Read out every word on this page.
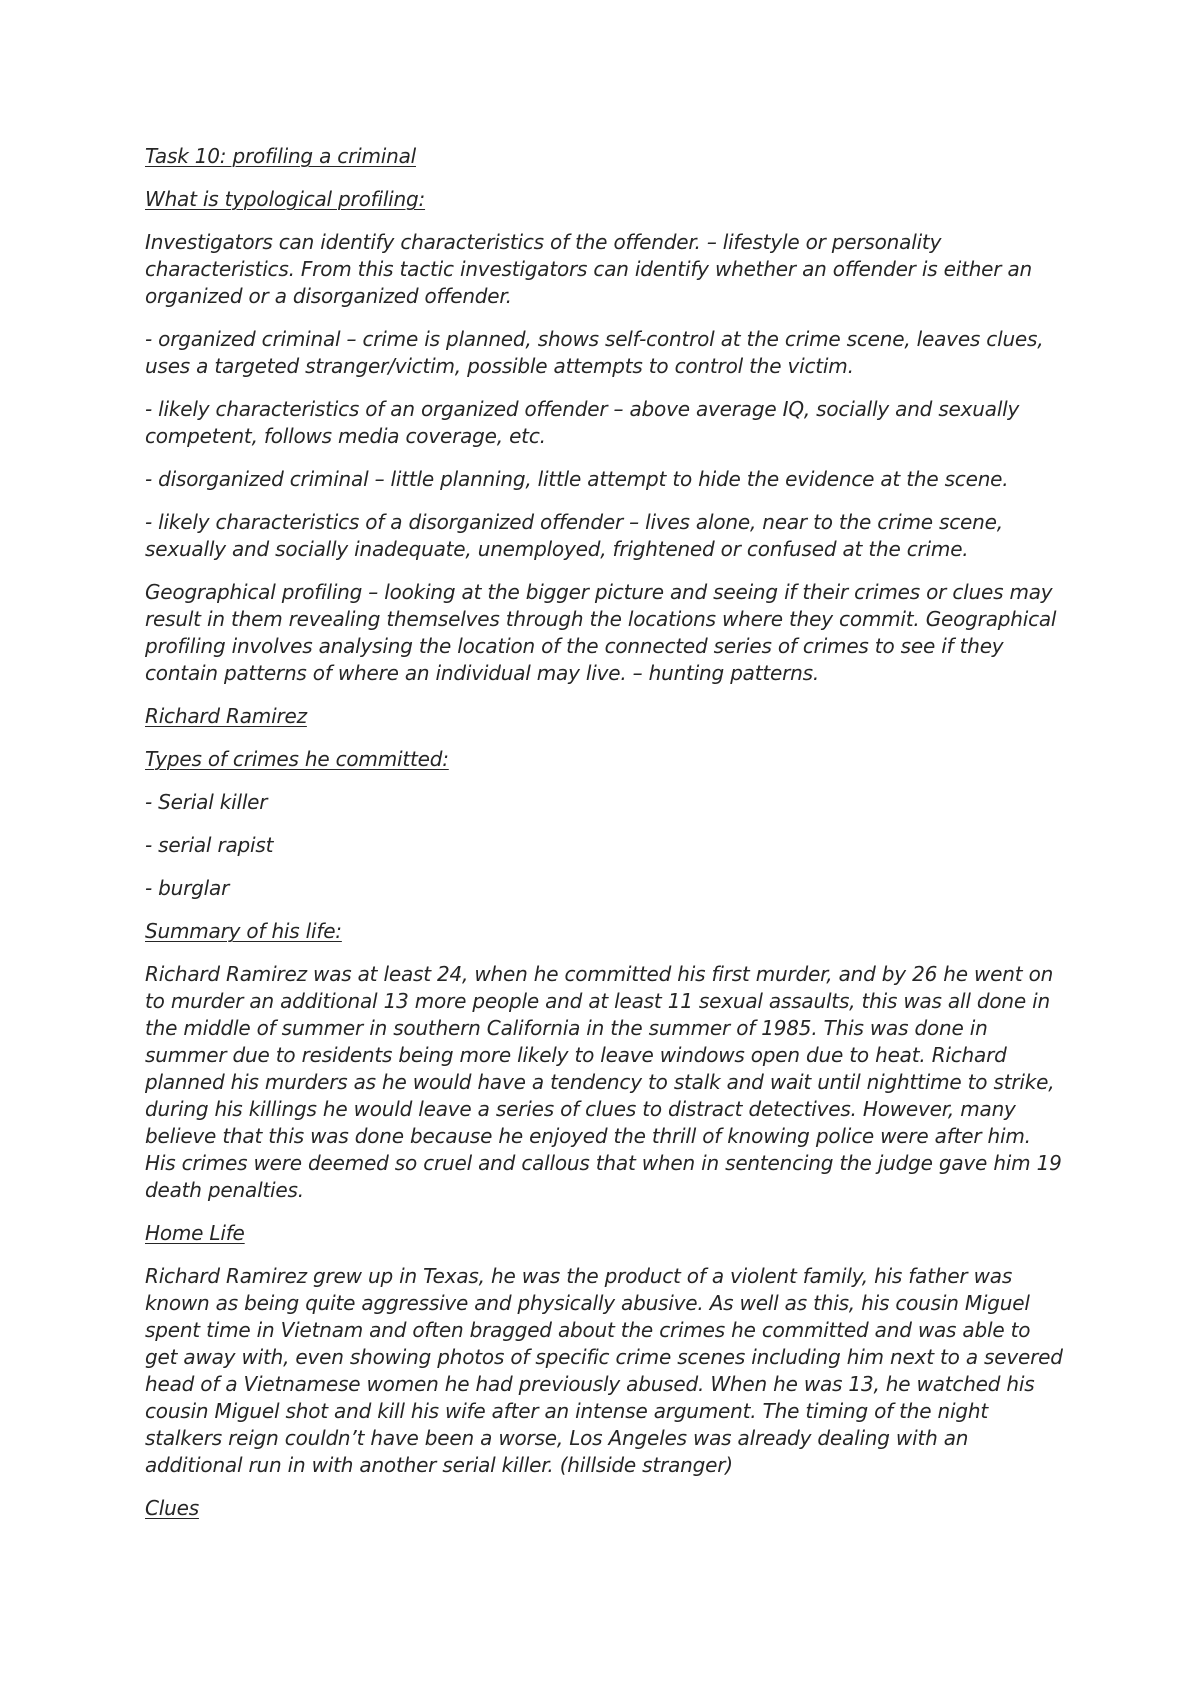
Task 10: profiling a criminal

What is typological profiling:

Investigators can identify characteristics of the offender. – lifestyle or personality characteristics. From this tactic investigators can identify whether an offender is either an organized or a disorganized offender.

- organized criminal – crime is planned, shows self-control at the crime scene, leaves clues, uses a targeted stranger/victim, possible attempts to control the victim.

- likely characteristics of an organized offender – above average IQ, socially and sexually competent, follows media coverage, etc.

- disorganized criminal – little planning, little attempt to hide the evidence at the scene.

- likely characteristics of a disorganized offender – lives alone, near to the crime scene, sexually and socially inadequate, unemployed, frightened or confused at the crime.

Geographical profiling – looking at the bigger picture and seeing if their crimes or clues may result in them revealing themselves through the locations where they commit. Geographical profiling involves analysing the location of the connected series of crimes to see if they contain patterns of where an individual may live. – hunting patterns.

Richard Ramirez

Types of crimes he committed:

- Serial killer

- serial rapist

- burglar

Summary of his life:

Richard Ramirez was at least 24, when he committed his first murder, and by 26 he went on to murder an additional 13 more people and at least 11 sexual assaults, this was all done in the middle of summer in southern California in the summer of 1985. This was done in summer due to residents being more likely to leave windows open due to heat. Richard planned his murders as he would have a tendency to stalk and wait until nighttime to strike, during his killings he would leave a series of clues to distract detectives. However, many believe that this was done because he enjoyed the thrill of knowing police were after him. His crimes were deemed so cruel and callous that when in sentencing the judge gave him 19 death penalties.

Home Life

Richard Ramirez grew up in Texas, he was the product of a violent family, his father was known as being quite aggressive and physically abusive. As well as this, his cousin Miguel spent time in Vietnam and often bragged about the crimes he committed and was able to get away with, even showing photos of specific crime scenes including him next to a severed head of a Vietnamese women he had previously abused. When he was 13, he watched his cousin Miguel shot and kill his wife after an intense argument. The timing of the night stalkers reign couldn’t have been a worse, Los Angeles was already dealing with an additional run in with another serial killer. (hillside stranger)

Clues
